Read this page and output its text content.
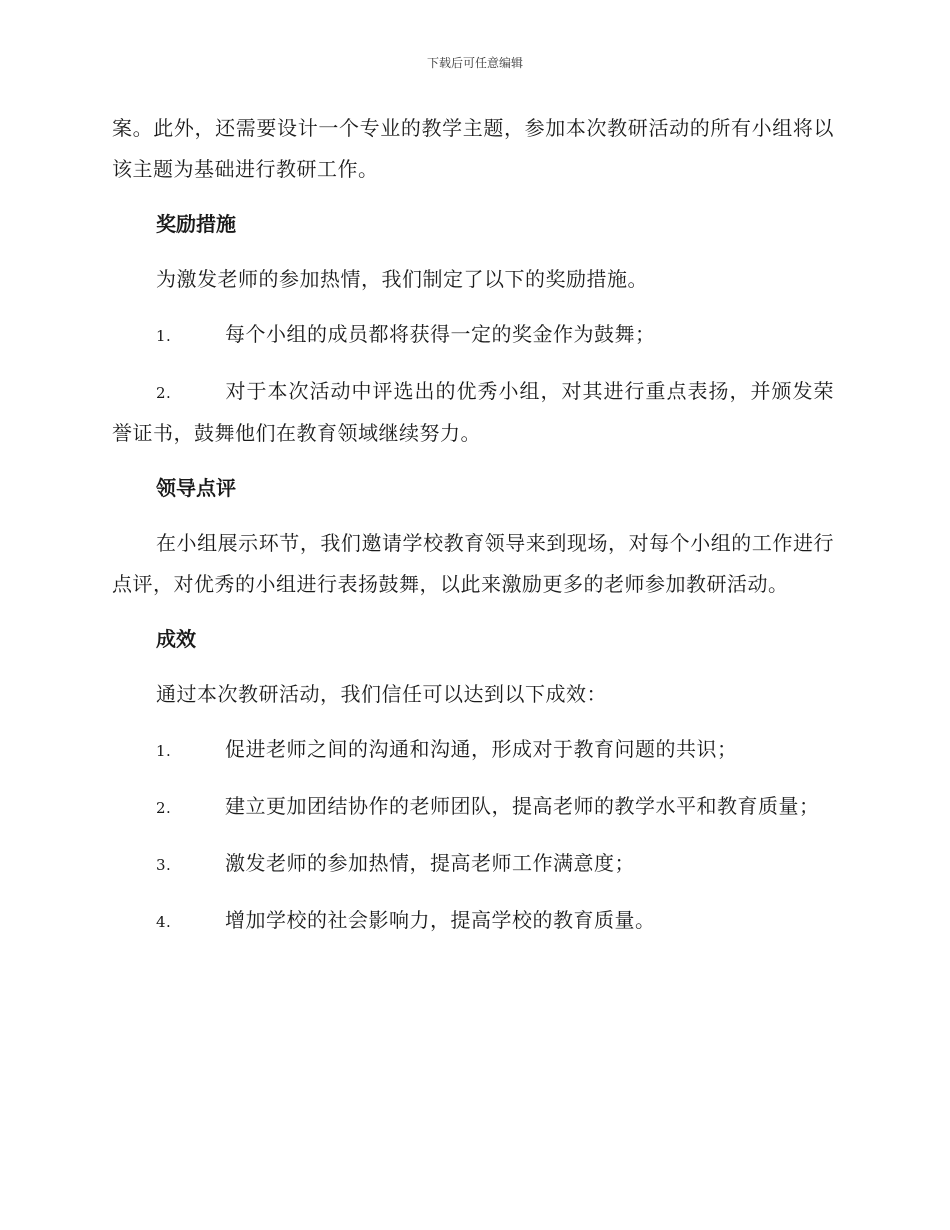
下载后可任意编辑

案。此外，还需要设计一个专业的教学主题，参加本次教研活动的所有小组将以该主题为基础进行教研工作。

奖励措施

为激发老师的参加热情，我们制定了以下的奖励措施。

1.	每个小组的成员都将获得一定的奖金作为鼓舞；

2.	对于本次活动中评选出的优秀小组，对其进行重点表扬，并颁发荣誉证书，鼓舞他们在教育领域继续努力。

领导点评

在小组展示环节，我们邀请学校教育领导来到现场，对每个小组的工作进行点评，对优秀的小组进行表扬鼓舞，以此来激励更多的老师参加教研活动。

成效

通过本次教研活动，我们信任可以达到以下成效：

1.	促进老师之间的沟通和沟通，形成对于教育问题的共识；

2.	建立更加团结协作的老师团队，提高老师的教学水平和教育质量；

3.	激发老师的参加热情，提高老师工作满意度；

4.	增加学校的社会影响力，提高学校的教育质量。
